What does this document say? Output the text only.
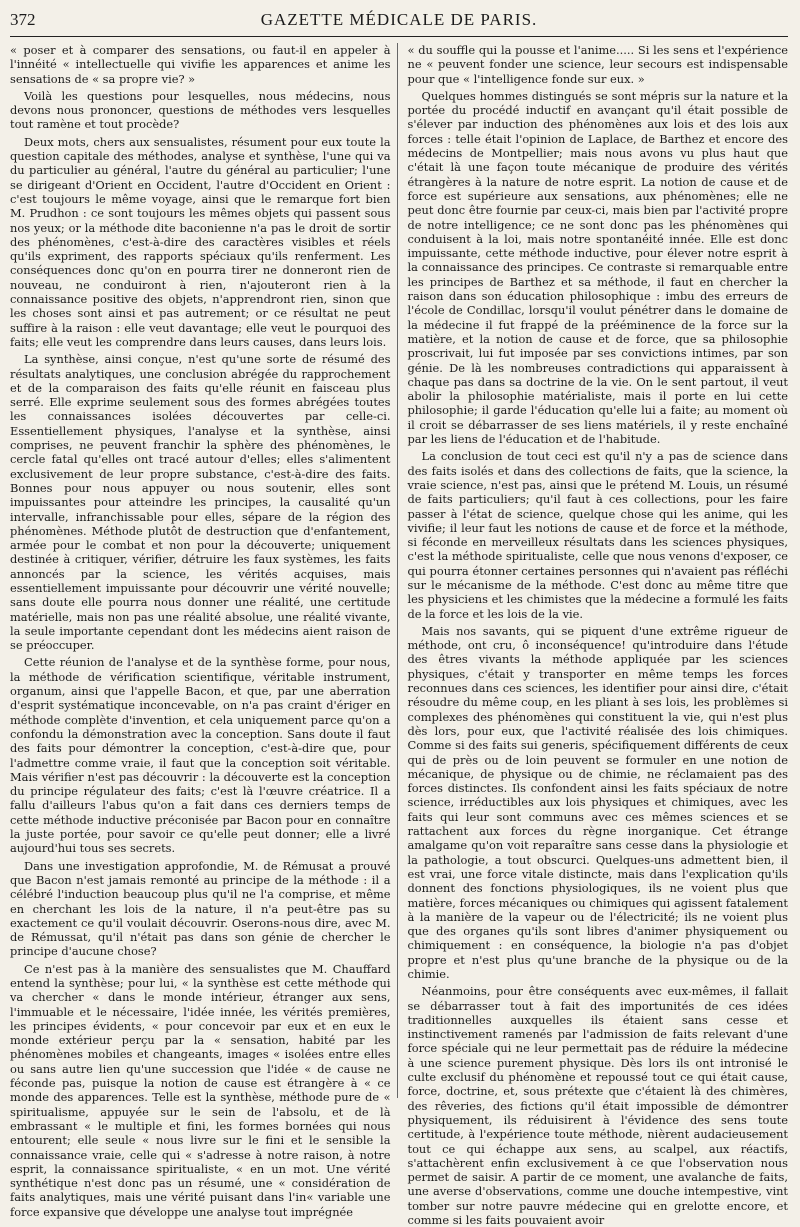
372	GAZETTE MÉDICALE DE PARIS.

« poser et à comparer des sensations, ou faut-il en appeler à l'innéité « intellectuelle qui vivifie les apparences et anime les sensations de « sa propre vie? »

Voilà les questions pour lesquelles, nous médecins, nous devons nous prononcer, questions de méthodes vers lesquelles tout ramène et tout procède?

Deux mots, chers aux sensualistes, résument pour eux toute la question capitale des méthodes, analyse et synthèse, l'une qui va du particulier au général, l'autre du général au particulier; l'une se dirigeant d'Orient en Occident, l'autre d'Occident en Orient : c'est toujours le même voyage, ainsi que le remarque fort bien M. Prudhon : ce sont toujours les mêmes objets qui passent sous nos yeux; or la méthode dite baconienne n'a pas le droit de sortir des phénomènes, c'est-à-dire des caractères visibles et réels qu'ils expriment, des rapports spéciaux qu'ils renferment. Les conséquences donc qu'on en pourra tirer ne donneront rien de nouveau, ne conduiront à rien, n'ajouteront rien à la connaissance positive des objets, n'apprendront rien, sinon que les choses sont ainsi et pas autrement; or ce résultat ne peut suffire à la raison : elle veut davantage; elle veut le pourquoi des faits; elle veut les comprendre dans leurs causes, dans leurs lois.

La synthèse, ainsi conçue, n'est qu'une sorte de résumé des résultats analytiques, une conclusion abrégée du rapprochement et de la comparaison des faits qu'elle réunit en faisceau plus serré. Elle exprime seulement sous des formes abrégées toutes les connaissances isolées découvertes par celle-ci. Essentiellement physiques, l'analyse et la synthèse, ainsi comprises, ne peuvent franchir la sphère des phénomènes, le cercle fatal qu'elles ont tracé autour d'elles; elles s'alimentent exclusivement de leur propre substance, c'est-à-dire des faits. Bonnes pour nous appuyer ou nous soutenir, elles sont impuissantes pour atteindre les principes, la causalité qu'un intervalle, infranchissable pour elles, sépare de la région des phénomènes. Méthode plutôt de destruction que d'enfantement, armée pour le combat et non pour la découverte; uniquement destinée à critiquer, vérifier, détruire les faux systèmes, les faits annoncés par la science, les vérités acquises, mais essentiellement impuissante pour découvrir une vérité nouvelle; sans doute elle pourra nous donner une réalité, une certitude matérielle, mais non pas une réalité absolue, une réalité vivante, la seule importante cependant dont les médecins aient raison de se préoccuper.

Cette réunion de l'analyse et de la synthèse forme, pour nous, la méthode de vérification scientifique, véritable instrument, organum, ainsi que l'appelle Bacon, et que, par une aberration d'esprit systématique inconcevable, on n'a pas craint d'ériger en méthode complète d'invention, et cela uniquement parce qu'on a confondu la démonstration avec la conception. Sans doute il faut des faits pour démontrer la conception, c'est-à-dire que, pour l'admettre comme vraie, il faut que la conception soit véritable. Mais vérifier n'est pas découvrir : la découverte est la conception du principe régulateur des faits; c'est là l'œuvre créatrice. Il a fallu d'ailleurs l'abus qu'on a fait dans ces derniers temps de cette méthode inductive préconisée par Bacon pour en connaître la juste portée, pour savoir ce qu'elle peut donner; elle a livré aujourd'hui tous ses secrets.

Dans une investigation approfondie, M. de Rémusat a prouvé que Bacon n'est jamais remonté au principe de la méthode : il a célébré l'induction beaucoup plus qu'il ne l'a comprise, et même en cherchant les lois de la nature, il n'a peut-être pas su exactement ce qu'il voulait découvrir. Oserons-nous dire, avec M. de Rémussat, qu'il n'était pas dans son génie de chercher le principe d'aucune chose?

Ce n'est pas à la manière des sensualistes que M. Chauffard entend la synthèse; pour lui, « la synthèse est cette méthode qui va chercher « dans le monde intérieur, étranger aux sens, l'immuable et le nécessaire, l'idée innée, les vérités premières, les principes évidents, « pour concevoir par eux et en eux le monde extérieur perçu par la « sensation, habité par les phénomènes mobiles et changeants, images « isolées entre elles ou sans autre lien qu'une succession que l'idée « de cause ne féconde pas, puisque la notion de cause est étrangère à « ce monde des apparences. Telle est la synthèse, méthode pure de « spiritualisme, appuyée sur le sein de l'absolu, et de là embrassant « le multiple et fini, les formes bornées qui nous entourent; elle seule « nous livre sur le fini et le sensible la connaissance vraie, celle qui « s'adresse à notre raison, à notre esprit, la connaissance spiritualiste, « en un mot. Une vérité synthétique n'est donc pas un résumé, une « considération de faits analytiques, mais une vérité puisant dans l'in« variable une force expansive que développe une analyse tout imprégnée

« du souffle qui la pousse et l'anime..... Si les sens et l'expérience ne « peuvent fonder une science, leur secours est indispensable pour que « l'intelligence fonde sur eux. »

Quelques hommes distingués se sont mépris sur la nature et la portée du procédé inductif en avançant qu'il était possible de s'élever par induction des phénomènes aux lois et des lois aux forces : telle était l'opinion de Laplace, de Barthez et encore des médecins de Montpellier; mais nous avons vu plus haut que c'était là une façon toute mécanique de produire des vérités étrangères à la nature de notre esprit. La notion de cause et de force est supérieure aux sensations, aux phénomènes; elle ne peut donc être fournie par ceux-ci, mais bien par l'activité propre de notre intelligence; ce ne sont donc pas les phénomènes qui conduisent à la loi, mais notre spontanéité innée. Elle est donc impuissante, cette méthode inductive, pour élever notre esprit à la connaissance des principes. Ce contraste si remarquable entre les principes de Barthez et sa méthode, il faut en chercher la raison dans son éducation philosophique : imbu des erreurs de l'école de Condillac, lorsqu'il voulut pénétrer dans le domaine de la médecine il fut frappé de la prééminence de la force sur la matière, et la notion de cause et de force, que sa philosophie proscrivait, lui fut imposée par ses convictions intimes, par son génie. De là les nombreuses contradictions qui apparaissent à chaque pas dans sa doctrine de la vie. On le sent partout, il veut abolir la philosophie matérialiste, mais il porte en lui cette philosophie; il garde l'éducation qu'elle lui a faite; au moment où il croit se débarrasser de ses liens matériels, il y reste enchaîné par les liens de l'éducation et de l'habitude.

La conclusion de tout ceci est qu'il n'y a pas de science dans des faits isolés et dans des collections de faits, que la science, la vraie science, n'est pas, ainsi que le prétend M. Louis, un résumé de faits particuliers; qu'il faut à ces collections, pour les faire passer à l'état de science, quelque chose qui les anime, qui les vivifie; il leur faut les notions de cause et de force et la méthode, si féconde en merveilleux résultats dans les sciences physiques, c'est la méthode spiritualiste, celle que nous venons d'exposer, ce qui pourra étonner certaines personnes qui n'avaient pas réfléchi sur le mécanisme de la méthode. C'est donc au même titre que les physiciens et les chimistes que la médecine a formulé les faits de la force et les lois de la vie.

Mais nos savants, qui se piquent d'une extrême rigueur de méthode, ont cru, ô inconséquence! qu'introduire dans l'étude des êtres vivants la méthode appliquée par les sciences physiques, c'était y transporter en même temps les forces reconnues dans ces sciences, les identifier pour ainsi dire, c'était résoudre du même coup, en les pliant à ses lois, les problèmes si complexes des phénomènes qui constituent la vie, qui n'est plus dès lors, pour eux, que l'activité réalisée des lois chimiques. Comme si des faits sui generis, spécifiquement différents de ceux qui de près ou de loin peuvent se formuler en une notion de mécanique, de physique ou de chimie, ne réclamaient pas des forces distinctes. Ils confondent ainsi les faits spéciaux de notre science, irréductibles aux lois physiques et chimiques, avec les faits qui leur sont communs avec ces mêmes sciences et se rattachent aux forces du règne inorganique. Cet étrange amalgame qu'on voit reparaître sans cesse dans la physiologie et la pathologie, a tout obscurci. Quelques-uns admettent bien, il est vrai, une force vitale distincte, mais dans l'explication qu'ils donnent des fonctions physiologiques, ils ne voient plus que matière, forces mécaniques ou chimiques qui agissent fatalement à la manière de la vapeur ou de l'électricité; ils ne voient plus que des organes qu'ils sont libres d'animer physiquement ou chimiquement : en conséquence, la biologie n'a pas d'objet propre et n'est plus qu'une branche de la physique ou de la chimie.

Néanmoins, pour être conséquents avec eux-mêmes, il fallait se débarrasser tout à fait des importunités de ces idées traditionnelles auxquelles ils étaient sans cesse et instinctivement ramenés par l'admission de faits relevant d'une force spéciale qui ne leur permettait pas de réduire la médecine à une science purement physique. Dès lors ils ont intronisé le culte exclusif du phénomène et repoussé tout ce qui était cause, force, doctrine, et, sous prétexte que c'étaient là des chimères, des rêveries, des fictions qu'il était impossible de démontrer physiquement, ils réduisirent à l'évidence des sens toute certitude, à l'expérience toute méthode, nièrent audacieusement tout ce qui échappe aux sens, au scalpel, aux réactifs, s'attachèrent enfin exclusivement à ce que l'observation nous permet de saisir. A partir de ce moment, une avalanche de faits, une averse d'observations, comme une douche intempestive, vint tomber sur notre pauvre médecine qui en grelotte encore, et comme si les faits pouvaient avoir
